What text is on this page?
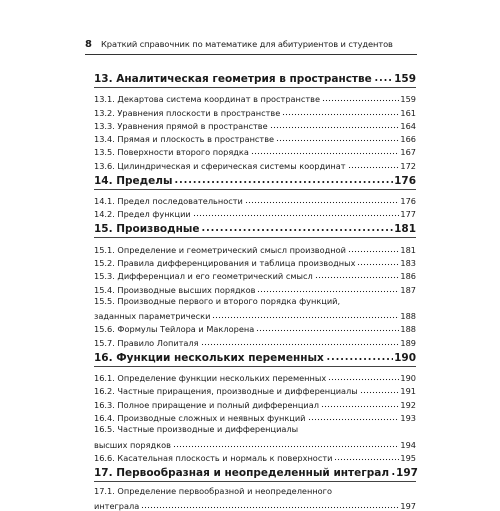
8	Краткий справочник по математике для абитуриентов и студентов
13. Аналитическая геометрия в пространстве 159
13.1. Декартова система координат в пространстве	159
13.2. Уравнения плоскости в пространстве	161
13.3. Уравнения прямой в пространстве	164
13.4. Прямая и плоскость в пространстве	166
13.5. Поверхности второго порядка	167
13.6. Цилиндрическая и сферическая системы координат	172
14. Пределы	176
14.1. Предел последовательности	176
14.2. Предел функции	177
15. Производные	181
15.1. Определение и геометрический смысл производной	181
15.2. Правила дифференцирования и таблица производных	183
15.3. Дифференциал и его геометрический смысл	186
15.4. Производные высших порядков	187
15.5. Производные первого и второго порядка функций,
заданных параметрически	188
15.6. Формулы Тейлора и Маклорена	188
15.7. Правило Лопиталя	189
16. Функции нескольких переменных	190
16.1. Определение функции нескольких переменных	190
16.2. Частные приращения, производные и дифференциалы	191
16.3. Полное приращение и полный дифференциал	192
16.4. Производные сложных и неявных функций	193
16.5. Частные производные и дифференциалы
высших порядков	194
16.6. Касательная плоскость и нормаль к поверхности	195
17. Первообразная и неопределенный интеграл 197
17.1. Определение первообразной и неопределенного
интеграла	197
